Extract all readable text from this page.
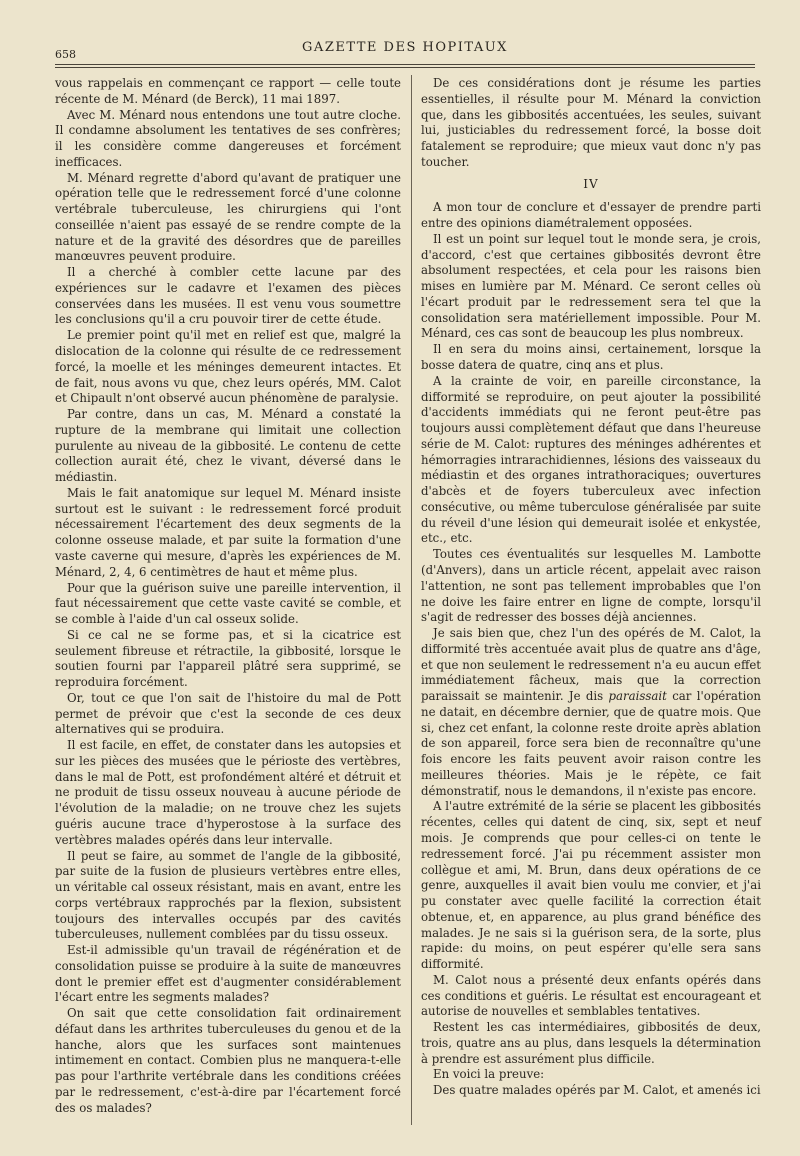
658	GAZETTE DES HOPITAUX

vous rappelais en commençant ce rapport — celle toute récente de M. Ménard (de Berck), 11 mai 1897.

Avec M. Ménard nous entendons une tout autre cloche. Il condamne absolument les tentatives de ses confrères; il les considère comme dangereuses et forcément inefficaces.

M. Ménard regrette d'abord qu'avant de pratiquer une opération telle que le redressement forcé d'une colonne vertébrale tuberculeuse, les chirurgiens qui l'ont conseillée n'aient pas essayé de se rendre compte de la nature et de la gravité des désordres que de pareilles manœuvres peuvent produire.

Il a cherché à combler cette lacune par des expériences sur le cadavre et l'examen des pièces conservées dans les musées. Il est venu vous soumettre les conclusions qu'il a cru pouvoir tirer de cette étude.

Le premier point qu'il met en relief est que, malgré la dislocation de la colonne qui résulte de ce redressement forcé, la moelle et les méninges demeurent intactes. Et de fait, nous avons vu que, chez leurs opérés, MM. Calot et Chipault n'ont observé aucun phénomène de paralysie.

Par contre, dans un cas, M. Ménard a constaté la rupture de la membrane qui limitait une collection purulente au niveau de la gibbosité. Le contenu de cette collection aurait été, chez le vivant, déversé dans le médiastin.

Mais le fait anatomique sur lequel M. Ménard insiste surtout est le suivant : le redressement forcé produit nécessairement l'écartement des deux segments de la colonne osseuse malade, et par suite la formation d'une vaste caverne qui mesure, d'après les expériences de M. Ménard, 2, 4, 6 centimètres de haut et même plus.

Pour que la guérison suive une pareille intervention, il faut nécessairement que cette vaste cavité se comble, et se comble à l'aide d'un cal osseux solide.

Si ce cal ne se forme pas, et si la cicatrice est seulement fibreuse et rétractile, la gibbosité, lorsque le soutien fourni par l'appareil plâtré sera supprimé, se reproduira forcément.

Or, tout ce que l'on sait de l'histoire du mal de Pott permet de prévoir que c'est la seconde de ces deux alternatives qui se produira.

Il est facile, en effet, de constater dans les autopsies et sur les pièces des musées que le périoste des vertèbres, dans le mal de Pott, est profondément altéré et détruit et ne produit de tissu osseux nouveau à aucune période de l'évolution de la maladie; on ne trouve chez les sujets guéris aucune trace d'hyperostose à la surface des vertèbres malades opérés dans leur intervalle.

Il peut se faire, au sommet de l'angle de la gibbosité, par suite de la fusion de plusieurs vertèbres entre elles, un véritable cal osseux résistant, mais en avant, entre les corps vertébraux rapprochés par la flexion, subsistent toujours des intervalles occupés par des cavités tuberculeuses, nullement comblées par du tissu osseux.

Est-il admissible qu'un travail de régénération et de consolidation puisse se produire à la suite de manœuvres dont le premier effet est d'augmenter considérablement l'écart entre les segments malades?

On sait que cette consolidation fait ordinairement défaut dans les arthrites tuberculeuses du genou et de la hanche, alors que les surfaces sont maintenues intimement en contact. Combien plus ne manquera-t-elle pas pour l'arthrite vertébrale dans les conditions créées par le redressement, c'est-à-dire par l'écartement forcé des os malades?

De ces considérations dont je résume les parties essentielles, il résulte pour M. Ménard la conviction que, dans les gibbosités accentuées, les seules, suivant lui, justiciables du redressement forcé, la bosse doit fatalement se reproduire; que mieux vaut donc n'y pas toucher.

IV

A mon tour de conclure et d'essayer de prendre parti entre des opinions diamétralement opposées.

Il est un point sur lequel tout le monde sera, je crois, d'accord, c'est que certaines gibbosités devront être absolument respectées, et cela pour les raisons bien mises en lumière par M. Ménard. Ce seront celles où l'écart produit par le redressement sera tel que la consolidation sera matériellement impossible. Pour M. Ménard, ces cas sont de beaucoup les plus nombreux.

Il en sera du moins ainsi, certainement, lorsque la bosse datera de quatre, cinq ans et plus.

A la crainte de voir, en pareille circonstance, la difformité se reproduire, on peut ajouter la possibilité d'accidents immédiats qui ne feront peut-être pas toujours aussi complètement défaut que dans l'heureuse série de M. Calot: ruptures des méninges adhérentes et hémorragies intrarachidiennes, lésions des vaisseaux du médiastin et des organes intrathoraciques; ouvertures d'abcès et de foyers tuberculeux avec infection consécutive, ou même tuberculose généralisée par suite du réveil d'une lésion qui demeurait isolée et enkystée, etc., etc.

Toutes ces éventualités sur lesquelles M. Lambotte (d'Anvers), dans un article récent, appelait avec raison l'attention, ne sont pas tellement improbables que l'on ne doive les faire entrer en ligne de compte, lorsqu'il s'agit de redresser des bosses déjà anciennes.

Je sais bien que, chez l'un des opérés de M. Calot, la difformité très accentuée avait plus de quatre ans d'âge, et que non seulement le redressement n'a eu aucun effet immédiatement fâcheux, mais que la correction paraissait se maintenir. Je dis paraissait car l'opération ne datait, en décembre dernier, que de quatre mois. Que si, chez cet enfant, la colonne reste droite après ablation de son appareil, force sera bien de reconnaître qu'une fois encore les faits peuvent avoir raison contre les meilleures théories. Mais je le répète, ce fait démonstratif, nous le demandons, il n'existe pas encore.

A l'autre extrémité de la série se placent les gibbosités récentes, celles qui datent de cinq, six, sept et neuf mois. Je comprends que pour celles-ci on tente le redressement forcé. J'ai pu récemment assister mon collègue et ami, M. Brun, dans deux opérations de ce genre, auxquelles il avait bien voulu me convier, et j'ai pu constater avec quelle facilité la correction était obtenue, et, en apparence, au plus grand bénéfice des malades. Je ne sais si la guérison sera, de la sorte, plus rapide: du moins, on peut espérer qu'elle sera sans difformité.

M. Calot nous a présenté deux enfants opérés dans ces conditions et guéris. Le résultat est encourageant et autorise de nouvelles et semblables tentatives.

Restent les cas intermédiaires, gibbosités de deux, trois, quatre ans au plus, dans lesquels la détermination à prendre est assurément plus difficile.

En voici la preuve:

Des quatre malades opérés par M. Calot, et amenés ici
